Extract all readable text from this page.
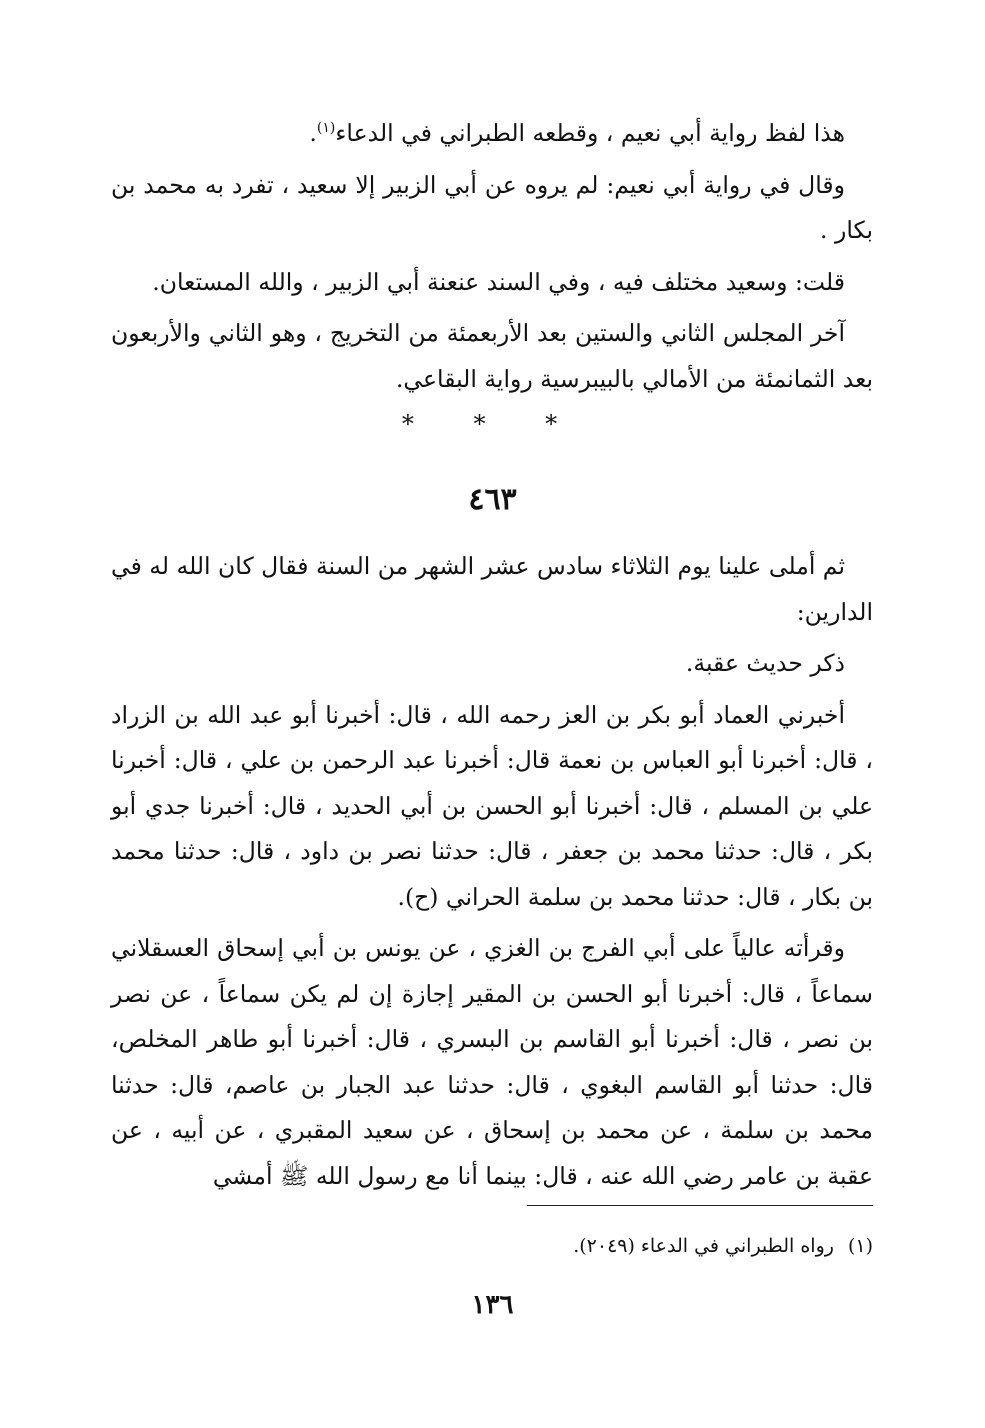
هذا لفظ رواية أبي نعيم ، وقطعه الطبراني في الدعاء$^{(١)}$.

وقال في رواية أبي نعيم: لم يروه عن أبي الزبير إلا سعيد ، تفرد به محمد بن بكار .

قلت: وسعيد مختلف فيه ، وفي السند عنعنة أبي الزبير ، والله المستعان.

آخر المجلس الثاني والستين بعد الأربعمئة من التخريج ، وهو الثاني والأربعون بعد الثمانمئة من الأمالي بالبيبرسية رواية البقاعي.

* * *
٤٦٣

ثم أملى علينا يوم الثلاثاء سادس عشر الشهر من السنة فقال كان الله له في الدارين:

ذكر حديث عقبة.

أخبرني العماد أبو بكر بن العز رحمه الله ، قال: أخبرنا أبو عبد الله بن الزراد ، قال: أخبرنا أبو العباس بن نعمة قال: أخبرنا عبد الرحمن بن علي ، قال: أخبرنا علي بن المسلم ، قال: أخبرنا أبو الحسن بن أبي الحديد ، قال: أخبرنا جدي أبو بكر ، قال: حدثنا محمد بن جعفر ، قال: حدثنا نصر بن داود ، قال: حدثنا محمد بن بكار ، قال: حدثنا محمد بن سلمة الحراني (ح).

وقرأته عالياً على أبي الفرج بن الغزي ، عن يونس بن أبي إسحاق العسقلاني سماعاً ، قال: أخبرنا أبو الحسن بن المقير إجازة إن لم يكن سماعاً ، عن نصر بن نصر ، قال: أخبرنا أبو القاسم بن البسري ، قال: أخبرنا أبو طاهر المخلص، قال: حدثنا أبو القاسم البغوي ، قال: حدثنا عبد الجبار بن عاصم، قال: حدثنا محمد بن سلمة ، عن محمد بن إسحاق ، عن سعيد المقبري ، عن أبيه ، عن عقبة بن عامر رضي الله عنه ، قال: بينما أنا مع رسول الله ﷺ أمشي

(١)رواه الطبراني في الدعاء (٢٠٤٩).
١٣٦
